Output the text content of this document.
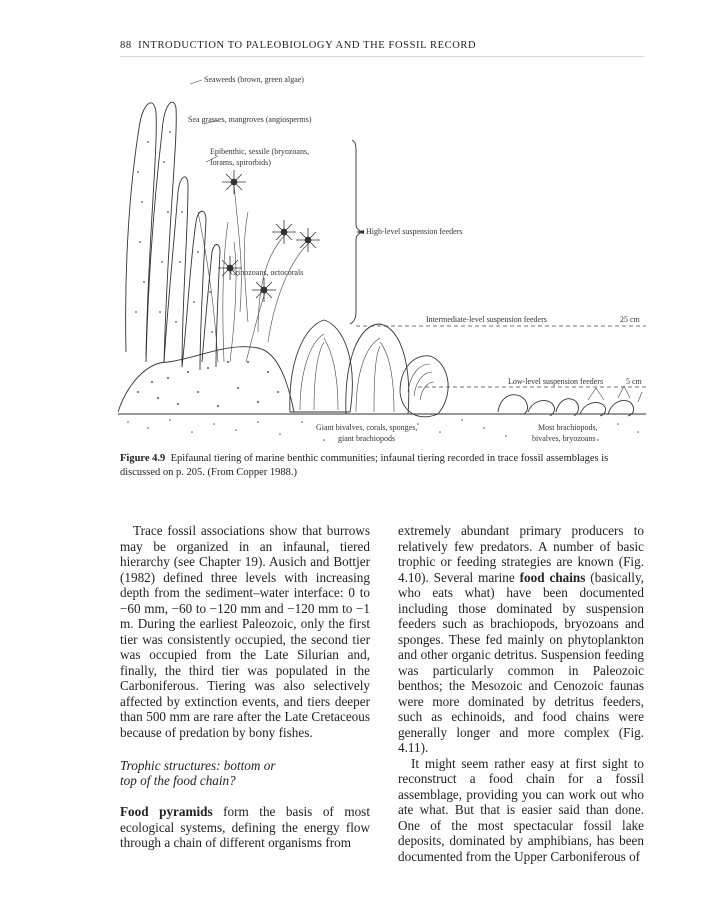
88 INTRODUCTION TO PALEOBIOLOGY AND THE FOSSIL RECORD
Seaweeds (brown, green algae)
Sea grasses, mangroves (angiosperms)
Epibenthic, sessile (bryozoans,
forams, spirorbids)
High-level suspension feeders
Crinozoans, octocorals
Intermediate-level suspension feeders	25 cm
Low-level suspension feeders	5 cm
Giant bivalves, corals, sponges,
giant brachiopods
Most brachiopods,
bivalves, bryozoans
Figure 4.9 Epifaunal tiering of marine benthic communities; infaunal tiering recorded in trace fossil assemblages is discussed on p. 205. (From Copper 1988.)

Trace fossil associations show that burrows may be organized in an infaunal, tiered hierarchy (see Chapter 19). Ausich and Bottjer (1982) defined three levels with increasing depth from the sediment–water interface: 0 to −60 mm, −60 to −120 mm and −120 mm to −1 m. During the earliest Paleozoic, only the first tier was consistently occupied, the second tier was occupied from the Late Silurian and, finally, the third tier was populated in the Carboniferous. Tiering was also selectively affected by extinction events, and tiers deeper than 500 mm are rare after the Late Cretaceous because of predation by bony fishes.

Trophic structures: bottom or
top of the food chain?

Food pyramids form the basis of most ecological systems, defining the energy flow through a chain of different organisms from

extremely abundant primary producers to relatively few predators. A number of basic trophic or feeding strategies are known (Fig. 4.10). Several marine food chains (basically, who eats what) have been documented including those dominated by suspension feeders such as brachiopods, bryozoans and sponges. These fed mainly on phytoplankton and other organic detritus. Suspension feeding was particularly common in Paleozoic benthos; the Mesozoic and Cenozoic faunas were more dominated by detritus feeders, such as echinoids, and food chains were generally longer and more complex (Fig. 4.11).

It might seem rather easy at first sight to reconstruct a food chain for a fossil assemblage, providing you can work out who ate what. But that is easier said than done. One of the most spectacular fossil lake deposits, dominated by amphibians, has been documented from the Upper Carboniferous of
